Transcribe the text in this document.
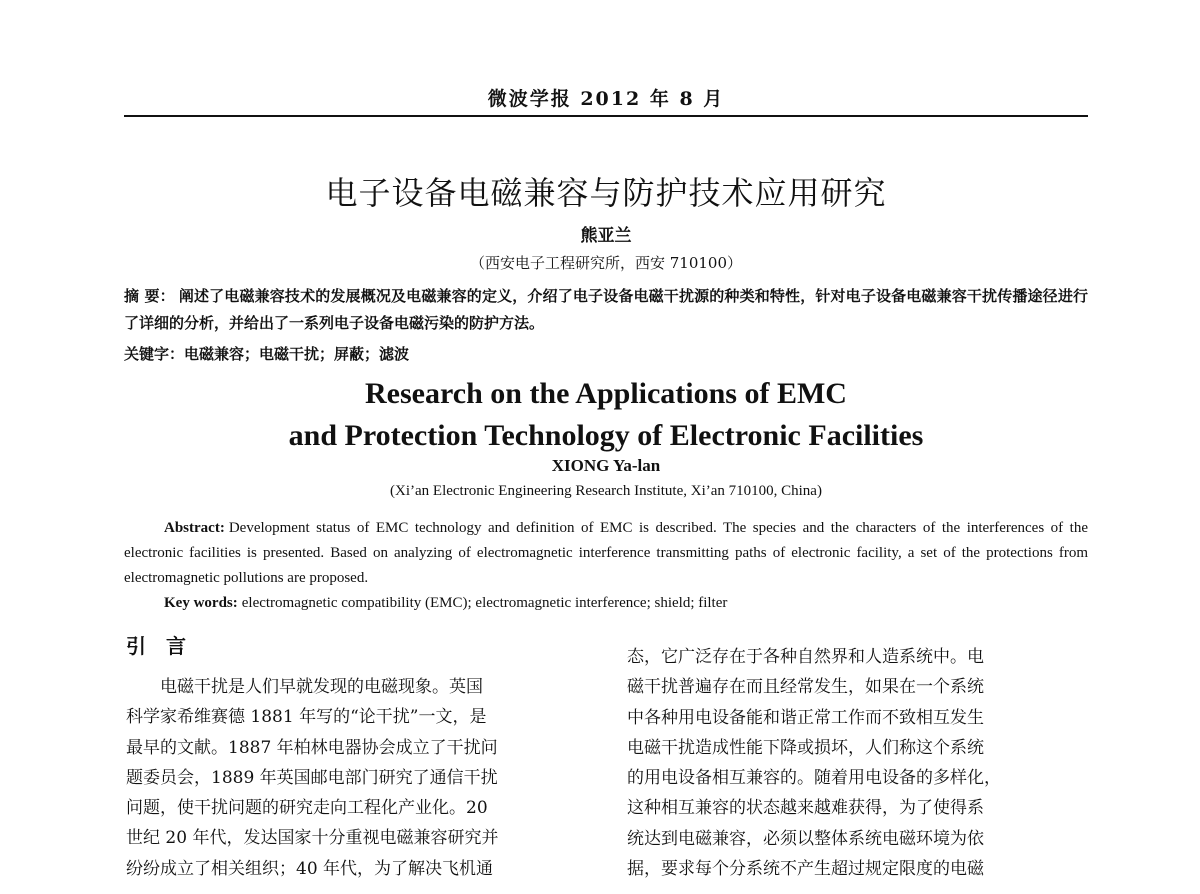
微波学报 2012 年 8 月
电子设备电磁兼容与防护技术应用研究
熊亚兰
（西安电子工程研究所，西安 710100）
摘 要： 阐述了电磁兼容技术的发展概况及电磁兼容的定义，介绍了电子设备电磁干扰源的种类和特性，针对电子设备电磁兼容干扰传播途径进行了详细的分析，并给出了一系列电子设备电磁污染的防护方法。
关键字：电磁兼容；电磁干扰；屏蔽；滤波
Research on the Applications of EMC
and Protection Technology of Electronic Facilities
XIONG Ya-lan
(Xi’an Electronic Engineering Research Institute, Xi’an 710100, China)
Abstract: Development status of EMC technology and definition of EMC is described. The species and the characters of the interferences of the electronic facilities is presented. Based on analyzing of electromagnetic interference transmitting paths of electronic facility, a set of the protections from electromagnetic pollutions are proposed.
Key words: electromagnetic compatibility (EMC); electromagnetic interference; shield; filter
引言
电磁干扰是人们早就发现的电磁现象。英国
科学家希维赛德 1881 年写的“论干扰”一文，是
最早的文献。1887 年柏林电器协会成立了干扰问
题委员会，1889 年英国邮电部门研究了通信干扰
问题，使干扰问题的研究走向工程化产业化。20
世纪 20 年代，发达国家十分重视电磁兼容研究并
纷纷成立了相关组织；40 年代，为了解决飞机通
态，它广泛存在于各种自然界和人造系统中。电
磁干扰普遍存在而且经常发生，如果在一个系统
中各种用电设备能和谐正常工作而不致相互发生
电磁干扰造成性能下降或损坏，人们称这个系统
的用电设备相互兼容的。随着用电设备的多样化，
这种相互兼容的状态越来越难获得，为了使得系
统达到电磁兼容，必须以整体系统电磁环境为依
据，要求每个分系统不产生超过规定限度的电磁
